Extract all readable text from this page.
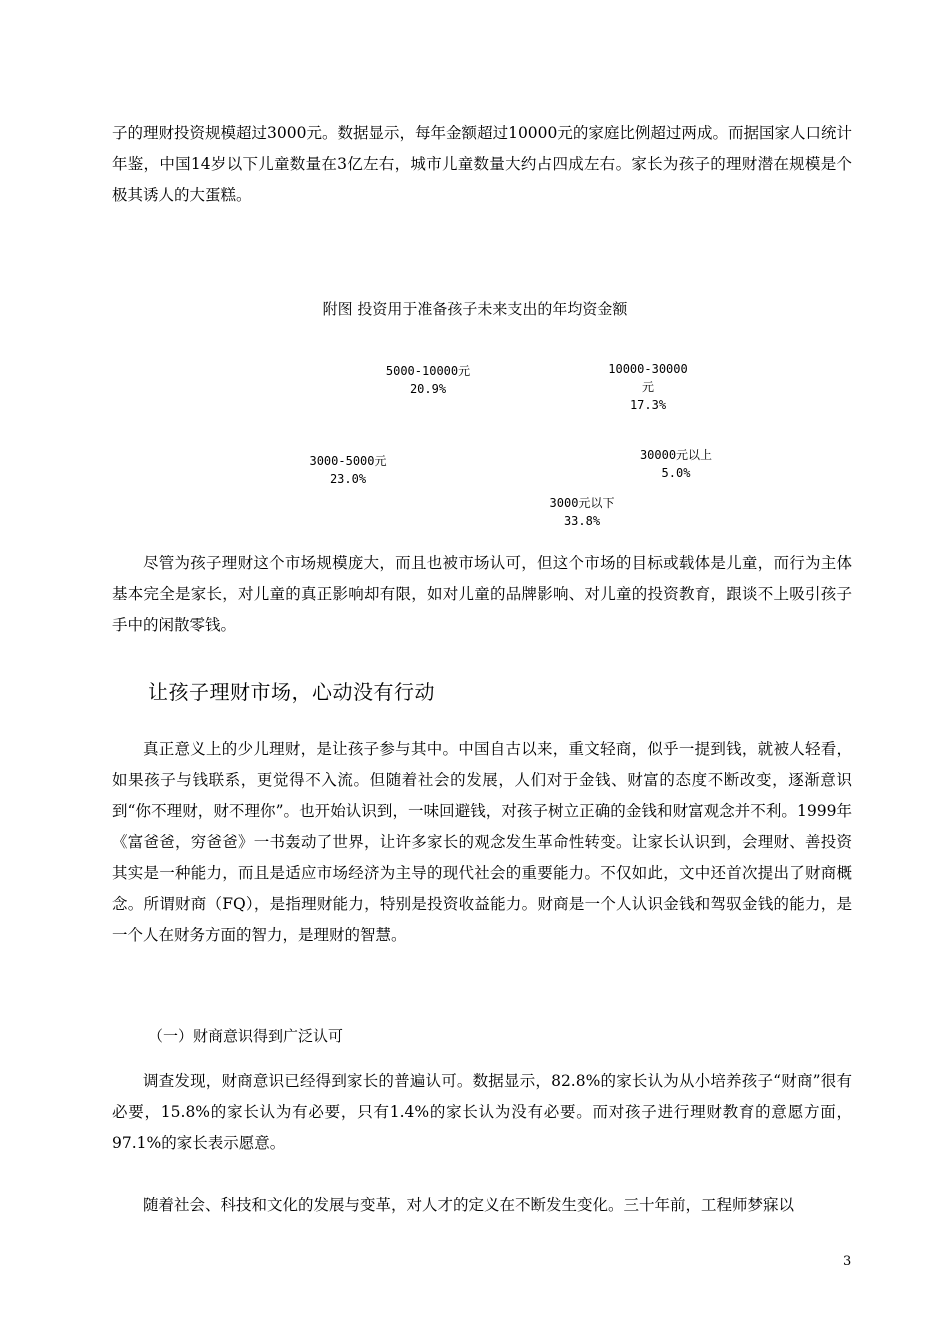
子的理财投资规模超过3000元。数据显示，每年金额超过10000元的家庭比例超过两成。而据国家人口统计年鉴，中国14岁以下儿童数量在3亿左右，城市儿童数量大约占四成左右。家长为孩子的理财潜在规模是个极其诱人的大蛋糕。

附图 投资用于准备孩子未来支出的年均资金额

5000-10000元
20.9%
10000-30000
元
17.3%
30000元以上
5.0%
3000元以下
33.8%
3000-5000元
23.0%

尽管为孩子理财这个市场规模庞大，而且也被市场认可，但这个市场的目标或载体是儿童，而行为主体基本完全是家长，对儿童的真正影响却有限，如对儿童的品牌影响、对儿童的投资教育，跟谈不上吸引孩子手中的闲散零钱。

让孩子理财市场，心动没有行动

真正意义上的少儿理财，是让孩子参与其中。中国自古以来，重文轻商，似乎一提到钱，就被人轻看，如果孩子与钱联系，更觉得不入流。但随着社会的发展，人们对于金钱、财富的态度不断改变，逐渐意识到“你不理财，财不理你”。也开始认识到，一味回避钱，对孩子树立正确的金钱和财富观念并不利。1999年《富爸爸，穷爸爸》一书轰动了世界，让许多家长的观念发生革命性转变。让家长认识到，会理财、善投资其实是一种能力，而且是适应市场经济为主导的现代社会的重要能力。不仅如此，文中还首次提出了财商概念。所谓财商（FQ），是指理财能力，特别是投资收益能力。财商是一个人认识金钱和驾驭金钱的能力，是一个人在财务方面的智力，是理财的智慧。

（一）财商意识得到广泛认可

调查发现，财商意识已经得到家长的普遍认可。数据显示，82.8%的家长认为从小培养孩子“财商”很有必要，15.8%的家长认为有必要，只有1.4%的家长认为没有必要。而对孩子进行理财教育的意愿方面，97.1%的家长表示愿意。

随着社会、科技和文化的发展与变革，对人才的定义在不断发生变化。三十年前，工程师梦寐以

3
